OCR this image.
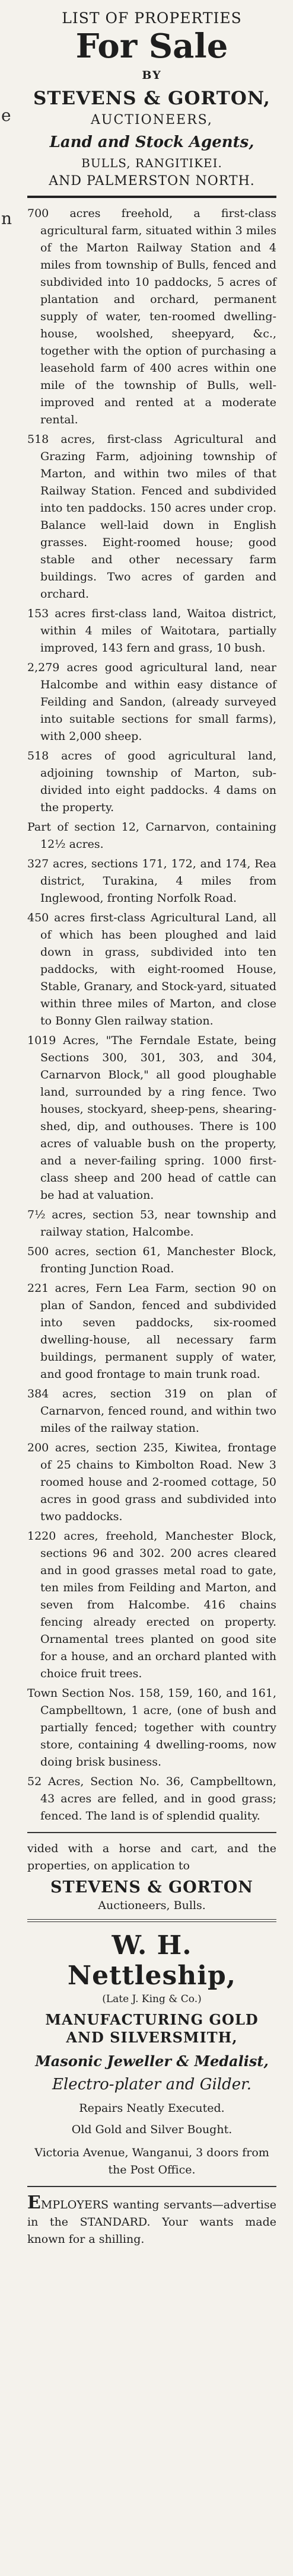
e
n
LIST OF PROPERTIES
For Sale
BY
STEVENS & GORTON,
AUCTIONEERS,
Land and Stock Agents,
BULLS, RANGITIKEI.
AND PALMERSTON NORTH.

700 acres freehold, a first-class agricultural farm, situated within 3 miles of the Marton Railway Station and 4 miles from township of Bulls, fenced and subdivided into 10 paddocks, 5 acres of plantation and orchard, permanent supply of water, ten-roomed dwelling-house, woolshed, sheepyard, &c., together with the option of purchasing a leasehold farm of 400 acres within one mile of the township of Bulls, well-improved and rented at a moderate rental.

518 acres, first-class Agricultural and Grazing Farm, adjoining township of Marton, and within two miles of that Railway Station. Fenced and subdivided into ten paddocks. 150 acres under crop. Balance well-laid down in English grasses. Eight-roomed house; good stable and other necessary farm buildings. Two acres of garden and orchard.

153 acres first-class land, Waitoa district, within 4 miles of Waitotara, partially improved, 143 fern and grass, 10 bush.

2,279 acres good agricultural land, near Halcombe and within easy distance of Feilding and Sandon, (already surveyed into suitable sections for small farms), with 2,000 sheep.

518 acres of good agricultural land, adjoining township of Marton, sub-divided into eight paddocks. 4 dams on the property.

Part of section 12, Carnarvon, containing 12½ acres.

327 acres, sections 171, 172, and 174, Rea district, Turakina, 4 miles from Inglewood, fronting Norfolk Road.

450 acres first-class Agricultural Land, all of which has been ploughed and laid down in grass, subdivided into ten paddocks, with eight-roomed House, Stable, Granary, and Stock-yard, situated within three miles of Marton, and close to Bonny Glen railway station.

1019 Acres, "The Ferndale Estate, being Sections 300, 301, 303, and 304, Carnarvon Block," all good ploughable land, surrounded by a ring fence. Two houses, stockyard, sheep-pens, shearing-shed, dip, and outhouses. There is 100 acres of valuable bush on the property, and a never-failing spring. 1000 first-class sheep and 200 head of cattle can be had at valuation.

7½ acres, section 53, near township and railway station, Halcombe.

500 acres, section 61, Manchester Block, fronting Junction Road.

221 acres, Fern Lea Farm, section 90 on plan of Sandon, fenced and subdivided into seven paddocks, six-roomed dwelling-house, all necessary farm buildings, permanent supply of water, and good frontage to main trunk road.

384 acres, section 319 on plan of Carnarvon, fenced round, and within two miles of the railway station.

200 acres, section 235, Kiwitea, frontage of 25 chains to Kimbolton Road. New 3 roomed house and 2-roomed cottage, 50 acres in good grass and subdivided into two paddocks.

1220 acres, freehold, Manchester Block, sections 96 and 302. 200 acres cleared and in good grasses metal road to gate, ten miles from Feilding and Marton, and seven from Halcombe. 416 chains fencing already erected on property. Ornamental trees planted on good site for a house, and an orchard planted with choice fruit trees.

Town Section Nos. 158, 159, 160, and 161, Campbelltown, 1 acre, (one of bush and partially fenced; together with country store, containing 4 dwelling-rooms, now doing brisk business.

52 Acres, Section No. 36, Campbelltown, 43 acres are felled, and in good grass; fenced. The land is of splendid quality.

vided with a horse and cart, and the properties, on application to
STEVENS & GORTON
Auctioneers, Bulls.
W. H. Nettleship,
(Late J. King & Co.)
MANUFACTURING GOLD AND SILVERSMITH,
Masonic Jeweller & Medalist,
Electro-plater and Gilder.
Repairs Neatly Executed.
Old Gold and Silver Bought.
Victoria Avenue, Wanganui, 3 doors from the Post Office.
EMPLOYERS wanting servants—advertise in the STANDARD. Your wants made known for a shilling.
